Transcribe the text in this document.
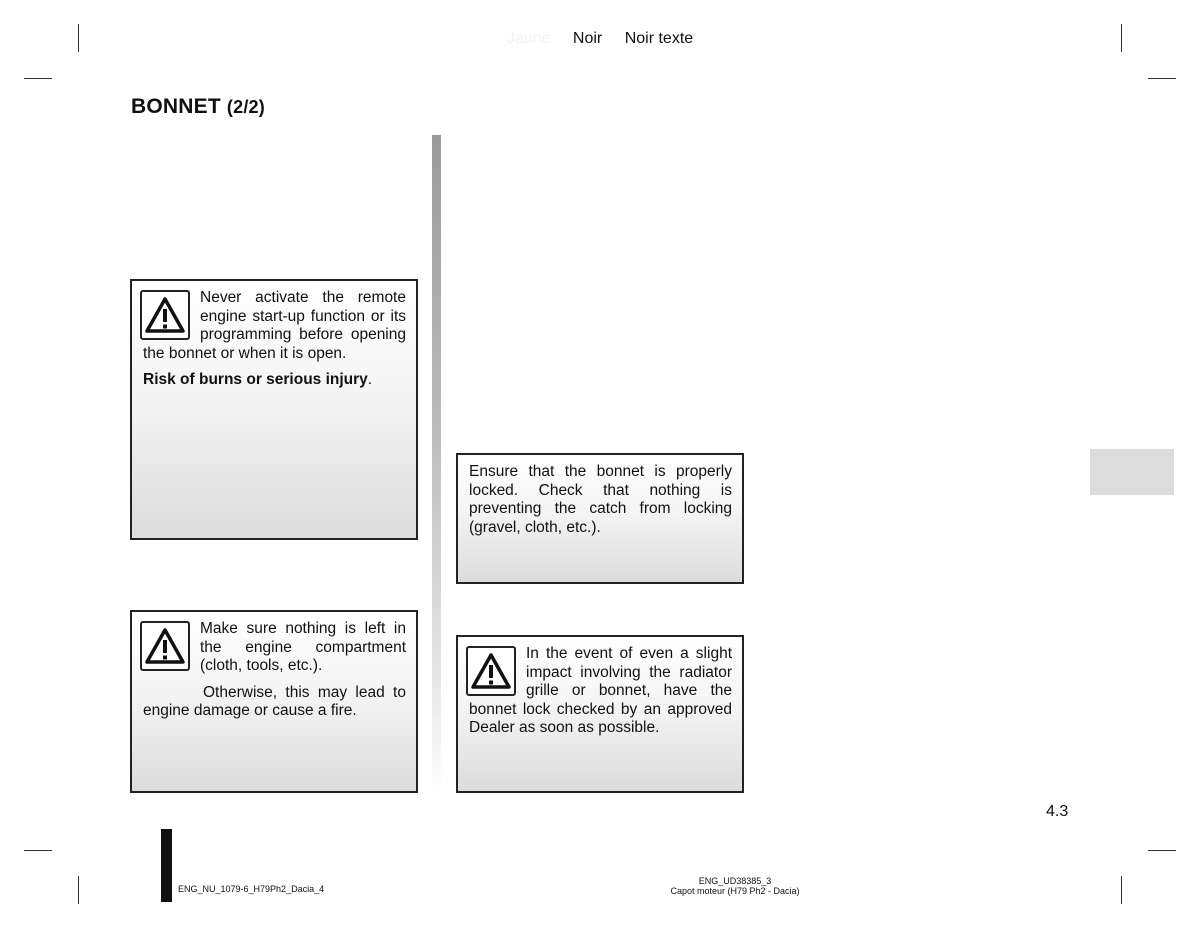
Jaune Noir Noir texte
BONNET (2/2)

Never activate the remote engine start-up function or its programming before opening the bonnet or when it is open.

Risk of burns or serious injury.

Make sure nothing is left in the engine compartment (cloth, tools, etc.).

Otherwise, this may lead to engine damage or cause a fire.

Ensure that the bonnet is properly locked. Check that nothing is preventing the catch from locking (gravel, cloth, etc.).

In the event of even a slight impact involving the radiator grille or bonnet, have the bonnet lock checked by an approved Dealer as soon as possible.

4.3
ENG_NU_1079-6_H79Ph2_Dacia_4
ENG_UD38385_3
Capot moteur (H79 Ph2 - Dacia)
